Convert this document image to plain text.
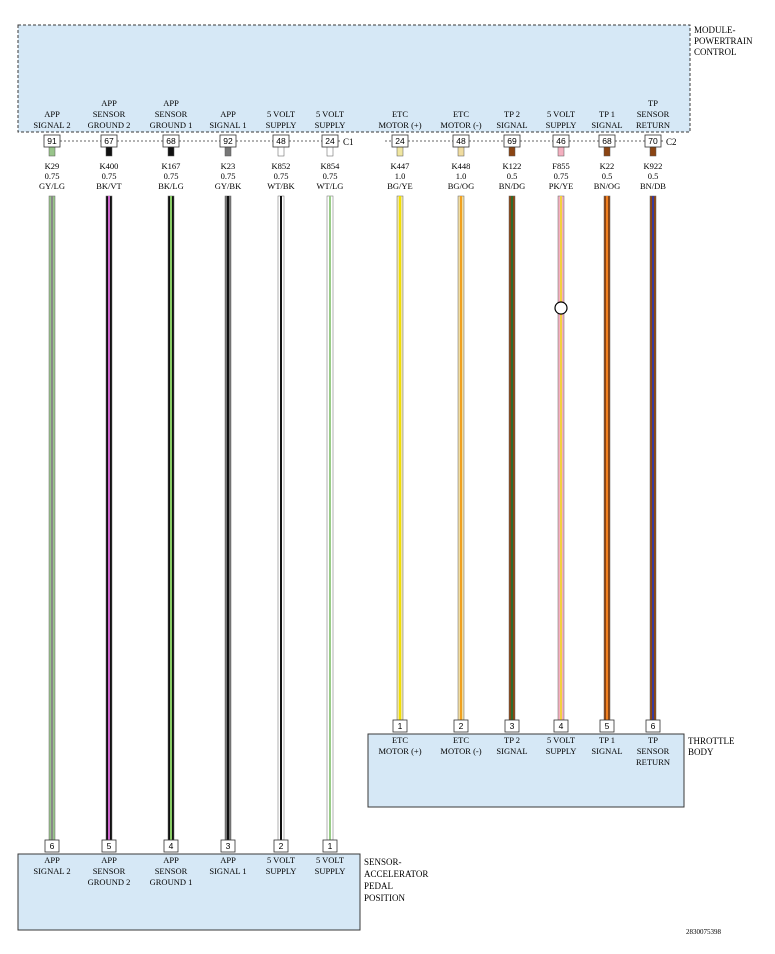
MODULE-
POWERTRAIN
CONTROL
C1	C2
THROTTLE
BODY
SENSOR-
ACCELERATOR
PEDAL
POSITION
2830075398
APP
SIGNAL 2
91
K29
0.75
GY/LG
6
APP
SIGNAL 2
APP
SENSOR
GROUND 2
67
K400
0.75
BK/VT
5
APP
SENSOR
GROUND 2
APP
SENSOR
GROUND 1
68
K167
0.75
BK/LG
4
APP
SENSOR
GROUND 1
APP
SIGNAL 1
92
K23
0.75
GY/BK
3
APP
SIGNAL 1
5 VOLT
SUPPLY
48
K852
0.75
WT/BK
2
5 VOLT
SUPPLY
5 VOLT
SUPPLY
24
K854
0.75
WT/LG
1
5 VOLT
SUPPLY
ETC
MOTOR (+)
24
K447
1.0
BG/YE
1
ETC
MOTOR (+)
ETC
MOTOR (-)
48
K448
1.0
BG/OG
2
ETC
MOTOR (-)
TP 2
SIGNAL
69
K122
0.5
BN/DG
3
TP 2
SIGNAL
5 VOLT
SUPPLY
46
F855
0.75
PK/YE
4
5 VOLT
SUPPLY
TP 1
SIGNAL
68
K22
0.5
BN/OG
5
TP 1
SIGNAL
TP
SENSOR
RETURN
70
K922
0.5
BN/DB
6
TP
SENSOR
RETURN
